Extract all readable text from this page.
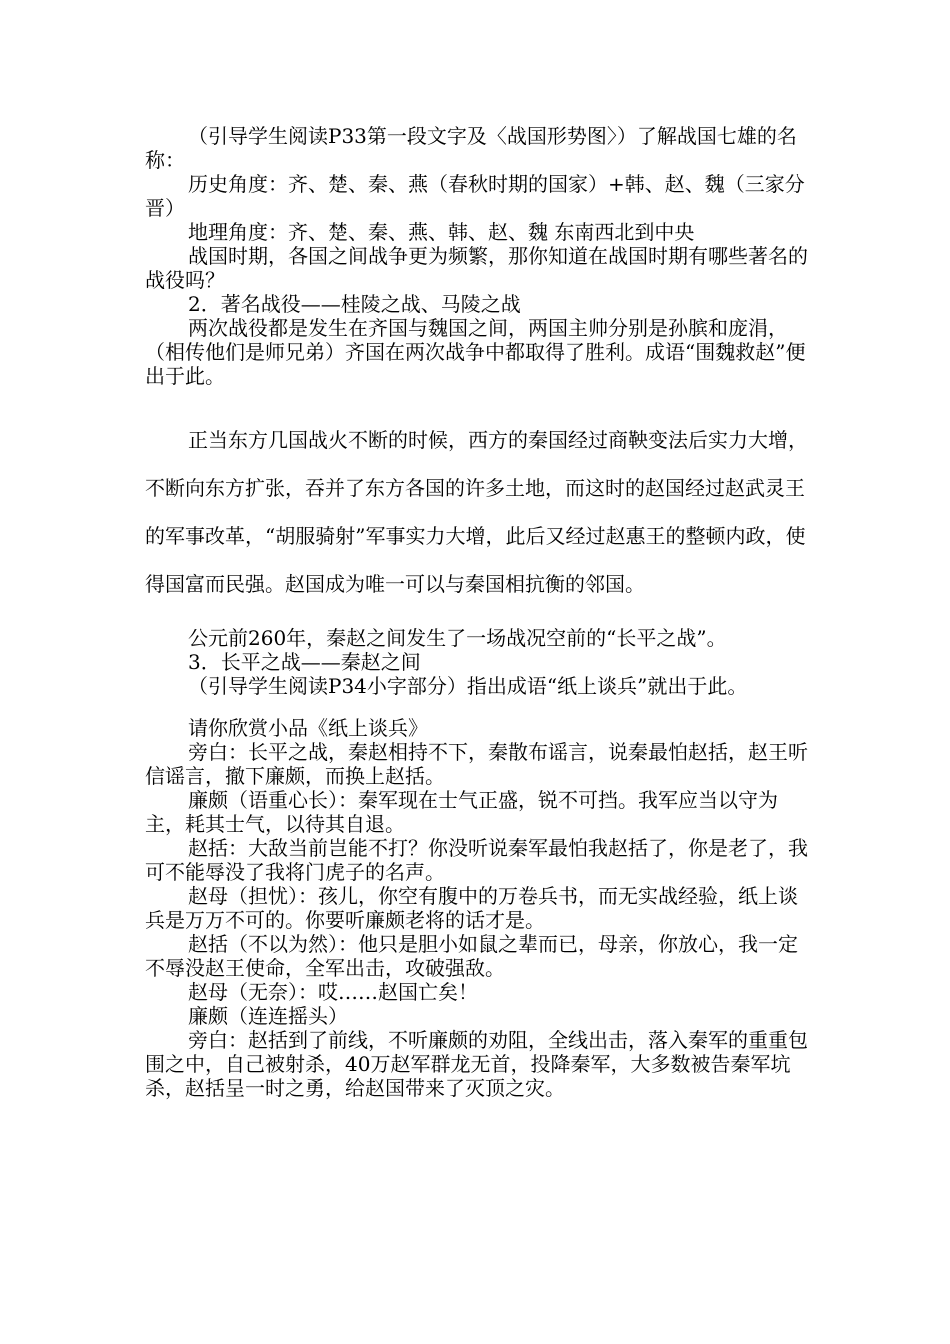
（引导学生阅读P33第一段文字及〈战国形势图〉）了解战国七雄的名称：

历史角度：齐、楚、秦、燕（春秋时期的国家）+韩、赵、魏（三家分晋）

地理角度：齐、楚、秦、燕、韩、赵、魏 东南西北到中央

战国时期，各国之间战争更为频繁，那你知道在战国时期有哪些著名的战役吗？

2．著名战役——桂陵之战、马陵之战

两次战役都是发生在齐国与魏国之间，两国主帅分别是孙膑和庞涓，（相传他们是师兄弟）齐国在两次战争中都取得了胜利。成语“围魏救赵”便出于此。

正当东方几国战火不断的时候，西方的秦国经过商鞅变法后实力大增，不断向东方扩张，吞并了东方各国的许多土地，而这时的赵国经过赵武灵王的军事改革，“胡服骑射”军事实力大增，此后又经过赵惠王的整顿内政，使得国富而民强。赵国成为唯一可以与秦国相抗衡的邻国。

公元前260年，秦赵之间发生了一场战况空前的“长平之战”。

3．长平之战——秦赵之间

（引导学生阅读P34小字部分）指出成语“纸上谈兵”就出于此。

请你欣赏小品《纸上谈兵》

旁白：长平之战，秦赵相持不下，秦散布谣言，说秦最怕赵括，赵王听信谣言，撤下廉颇，而换上赵括。

廉颇（语重心长）：秦军现在士气正盛，锐不可挡。我军应当以守为主，耗其士气，以待其自退。

赵括：大敌当前岂能不打？你没听说秦军最怕我赵括了，你是老了，我可不能辱没了我将门虎子的名声。

赵母（担忧）：孩儿，你空有腹中的万卷兵书，而无实战经验，纸上谈兵是万万不可的。你要听廉颇老将的话才是。

赵括（不以为然）：他只是胆小如鼠之辈而已，母亲，你放心，我一定不辱没赵王使命，全军出击，攻破强敌。

赵母（无奈）：哎……赵国亡矣！

廉颇（连连摇头）

旁白：赵括到了前线，不听廉颇的劝阻，全线出击，落入秦军的重重包围之中，自己被射杀，40万赵军群龙无首，投降秦军，大多数被告秦军坑杀，赵括呈一时之勇，给赵国带来了灭顶之灾。
